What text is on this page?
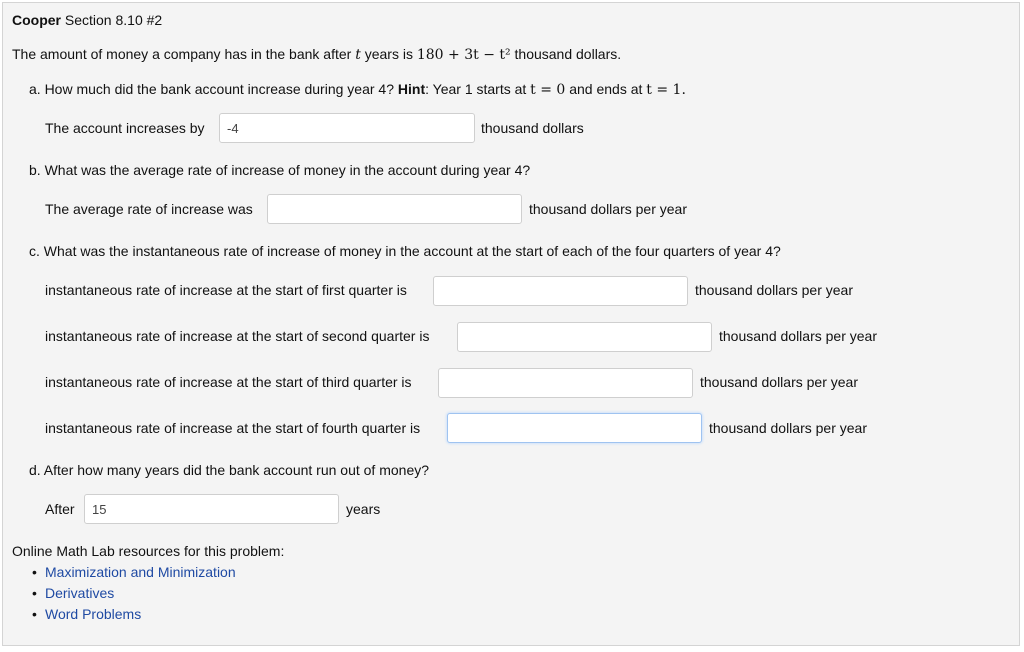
Cooper Section 8.10 #2
The amount of money a company has in the bank after t years is 180 + 3t − t² thousand dollars.
a. How much did the bank account increase during year 4? Hint: Year 1 starts at t = 0 and ends at t = 1.
The account increases by
-4	thousand dollars
b. What was the average rate of increase of money in the account during year 4?
The average rate of increase was	thousand dollars per year
c. What was the instantaneous rate of increase of money in the account at the start of each of the four quarters of year 4?
instantaneous rate of increase at the start of first quarter is	thousand dollars per year
instantaneous rate of increase at the start of second quarter is	thousand dollars per year
instantaneous rate of increase at the start of third quarter is	thousand dollars per year
instantaneous rate of increase at the start of fourth quarter is	thousand dollars per year
d. After how many years did the bank account run out of money?
After
15	years
Online Math Lab resources for this problem:
• Maximization and Minimization
• Derivatives
• Word Problems
